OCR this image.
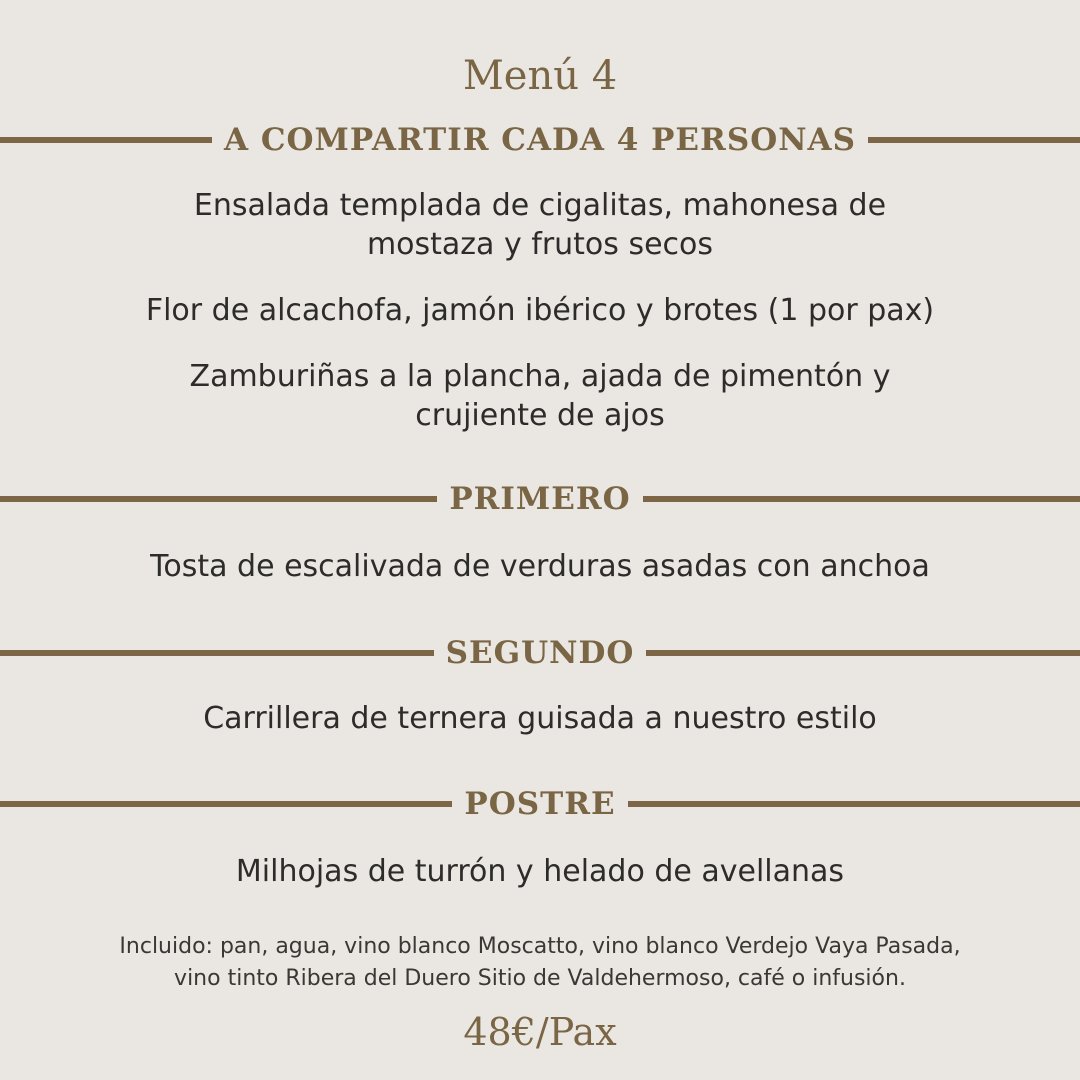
Menú 4
A COMPARTIR CADA 4 PERSONAS
Ensalada templada de cigalitas, mahonesa de
mostaza y frutos secos
Flor de alcachofa, jamón ibérico y brotes (1 por pax)
Zamburiñas a la plancha, ajada de pimentón y
crujiente de ajos
PRIMERO
Tosta de escalivada de verduras asadas con anchoa
SEGUNDO
Carrillera de ternera guisada a nuestro estilo
POSTRE
Milhojas de turrón y helado de avellanas
Incluido: pan, agua, vino blanco Moscatto, vino blanco Verdejo Vaya Pasada,
vino tinto Ribera del Duero Sitio de Valdehermoso, café o infusión.
48€/Pax
